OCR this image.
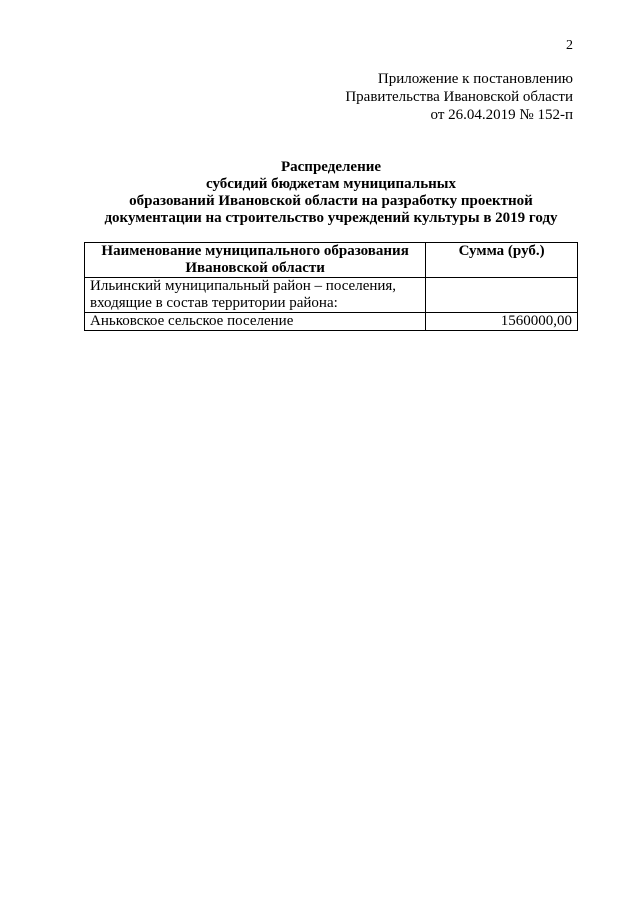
2
Приложение к постановлению
Правительства Ивановской области
от 26.04.2019 № 152-п
Распределение
субсидий бюджетам муниципальных
образований Ивановской области на разработку проектной
документации на строительство учреждений культуры в 2019 году
Наименование муниципального образования Ивановской области	Сумма (руб.)
Ильинский муниципальный район – поселения, входящие в состав территории района:	
Аньковское сельское поселение	1560000,00
